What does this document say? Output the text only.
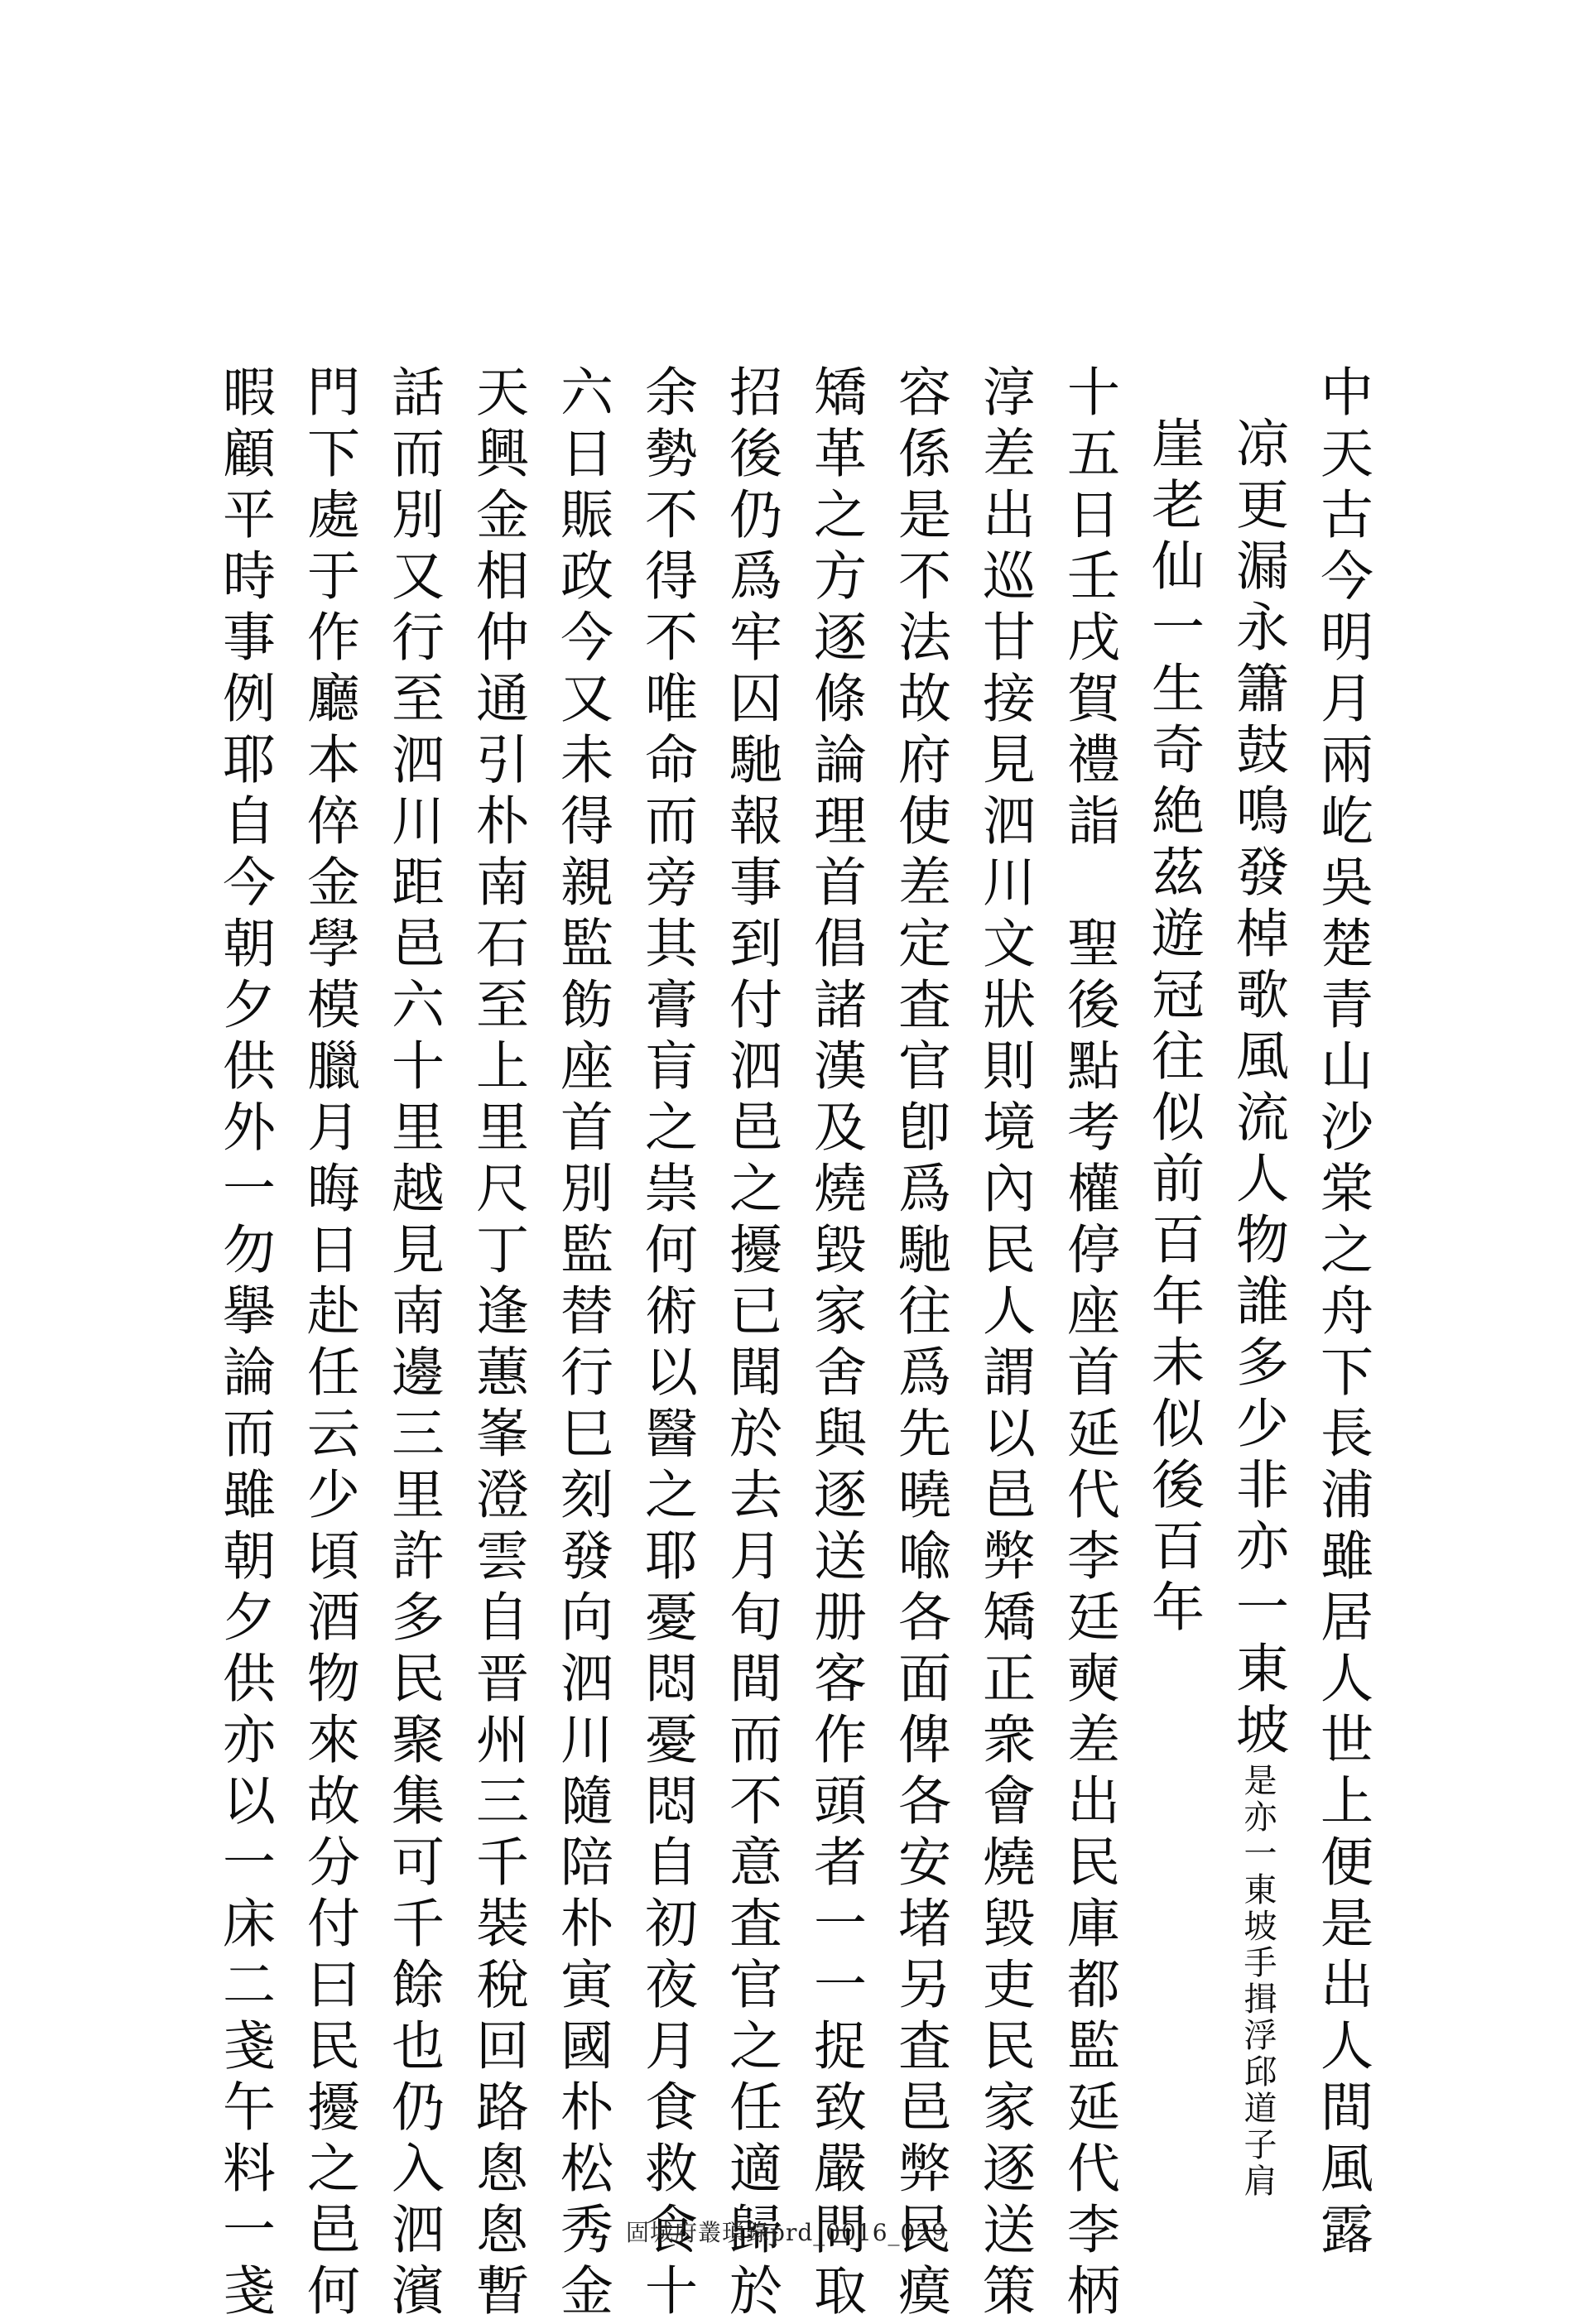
中天古今明月兩屹吳楚青山沙棠之舟下長浦雖居人世上便是出人間風露
凉更漏永簫鼓鳴發棹歌風流人物誰多少非亦一東坡$^{是亦一東坡手揖浮邱道子肩}$
崖老仙一生奇絶茲遊冠往似前百年未似後百年
十五日壬戌賀禮詣　聖後點考權停座首延代李廷奭差出民庫都監延代李柄
淳差出巡甘接見泗川文狀則境內民人謂以邑弊矯正衆會燒毀吏民家逐送策
容係是不法故府使差定査官卽爲馳往爲先曉喩各面俾各安堵另査邑弊民瘼
矯革之方逐條論理首倡諸漢及燒毀家舍與逐送册客作頭者一一捉致嚴問取
招後仍爲牢囚馳報事到付泗邑之擾已聞於去月旬間而不意査官之任適歸於
余勢不得不唯命而旁其膏肓之祟何術以醫之耶憂悶憂悶自初夜月食救食十
六日賑政今又未得親監飭座首別監替行巳刻發向泗川隨陪朴寅國朴松秀金
天興金相仲通引朴南石至上里尺丁逢蕙峯澄雲自晋州三千裝稅回路悤悤暫
話而別又行至泗川距邑六十里越見南邊三里許多民聚集可千餘也仍入泗濱
門下處于作廳本倅金學模臘月晦日赴任云少頃酒物來故分付曰民擾之邑何
暇顧平時事例耶自今朝夕供外一勿擧論而雖朝夕供亦以一床二戔午料一戔	固城府叢瑣錄prd_0016_029
